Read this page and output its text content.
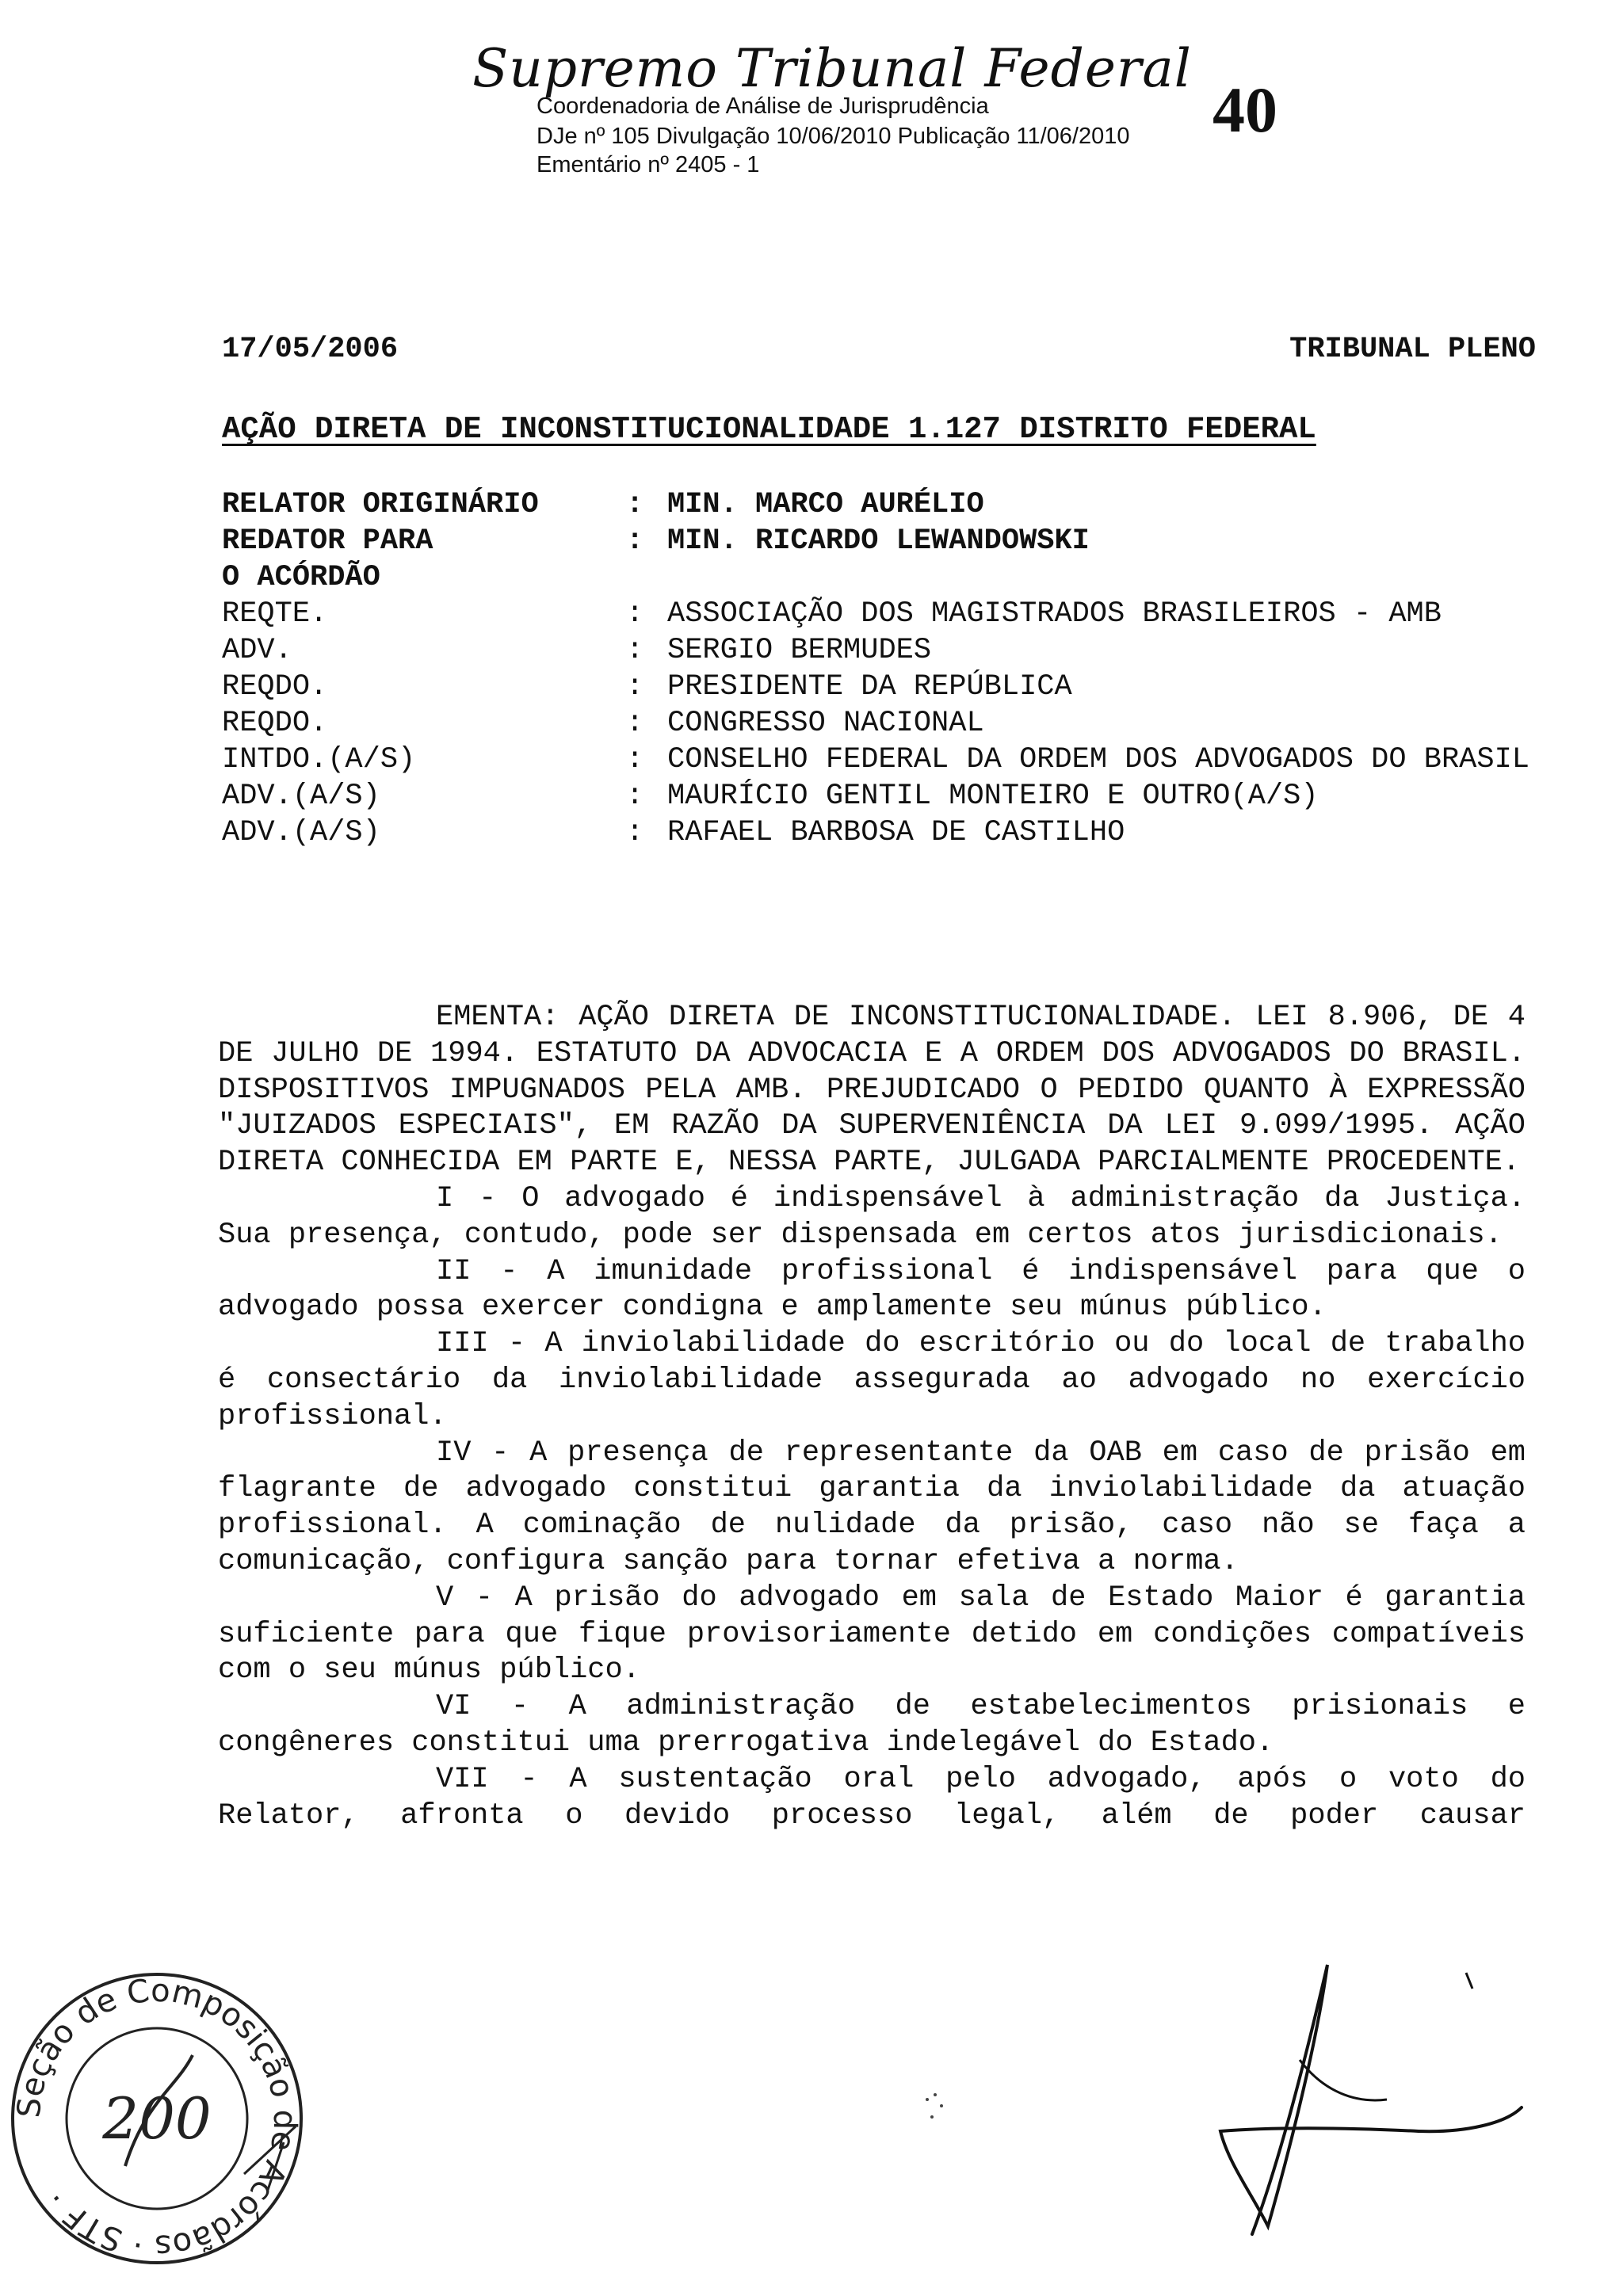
Supremo Tribunal Federal
Coordenadoria de Análise de Jurisprudência
DJe nº 105 Divulgação 10/06/2010 Publicação 11/06/2010
Ementário nº 2405 - 1
40
17/05/2006	TRIBUNAL PLENO
AÇÃO DIRETA DE INCONSTITUCIONALIDADE 1.127 DISTRITO FEDERAL
RELATOR ORIGINÁRIO	: MIN. MARCO AURÉLIO
REDATOR PARA O ACÓRDÃO
: MIN. RICARDO LEWANDOWSKI
REQTE.	: ASSOCIAÇÃO DOS MAGISTRADOS BRASILEIROS - AMB
ADV.	: SERGIO BERMUDES
REQDO.	: PRESIDENTE DA REPÚBLICA
REQDO.	: CONGRESSO NACIONAL
INTDO.(A/S)	: CONSELHO FEDERAL DA ORDEM DOS ADVOGADOS DO BRASIL
ADV.(A/S)	: MAURÍCIO GENTIL MONTEIRO E OUTRO(A/S)
ADV.(A/S)	: RAFAEL BARBOSA DE CASTILHO

EMENTA: AÇÃO DIRETA DE INCONSTITUCIONALIDADE. LEI 8.906, DE 4 DE JULHO DE 1994. ESTATUTO DA ADVOCACIA E A ORDEM DOS ADVOGADOS DO BRASIL. DISPOSITIVOS IMPUGNADOS PELA AMB. PREJUDICADO O PEDIDO QUANTO À EXPRESSÃO "JUIZADOS ESPECIAIS", EM RAZÃO DA SUPERVENIÊNCIA DA LEI 9.099/1995. AÇÃO DIRETA CONHECIDA EM PARTE E, NESSA PARTE, JULGADA PARCIALMENTE PROCEDENTE.

I - O advogado é indispensável à administração da Justiça. Sua presença, contudo, pode ser dispensada em certos atos jurisdicionais.

II - A imunidade profissional é indispensável para que o advogado possa exercer condigna e amplamente seu múnus público.

III - A inviolabilidade do escritório ou do local de trabalho é consectário da inviolabilidade assegurada ao advogado no exercício profissional.

IV - A presença de representante da OAB em caso de prisão em flagrante de advogado constitui garantia da inviolabilidade da atuação profissional. A cominação de nulidade da prisão, caso não se faça a comunicação, configura sanção para tornar efetiva a norma.

V - A prisão do advogado em sala de Estado Maior é garantia suficiente para que fique provisoriamente detido em condições compatíveis com o seu múnus público.

VI - A administração de estabelecimentos prisionais e congêneres constitui uma prerrogativa indelegável do Estado.

VII - A sustentação oral pelo advogado, após o voto do Relator, afronta o devido processo legal, além de poder causar

Seção de Composição de Acórdãos · STF ·
200
